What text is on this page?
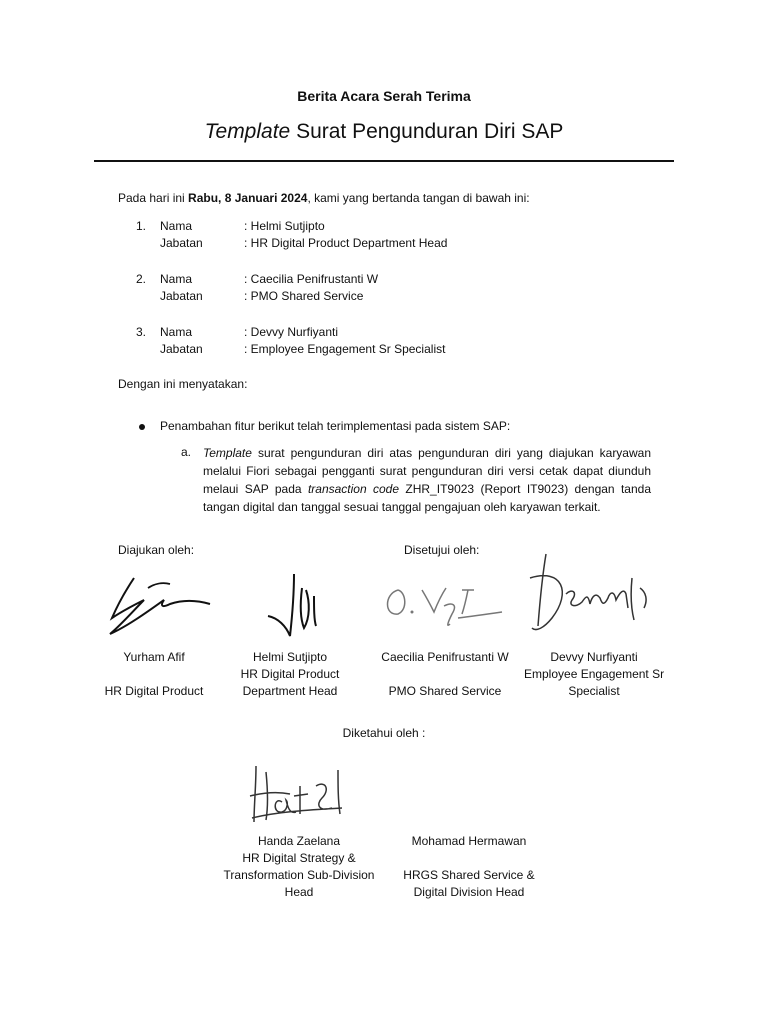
Berita Acara Serah Terima
Template Surat Pengunduran Diri SAP
Pada hari ini Rabu, 8 Januari 2024, kami yang bertanda tangan di bawah ini:
1. Nama	: Helmi Sutjipto
Jabatan	: HR Digital Product Department Head
2. Nama	: Caecilia Penifrustanti W
Jabatan	: PMO Shared Service
3. Nama	: Devvy Nurfiyanti
Jabatan	: Employee Engagement Sr Specialist
Dengan ini menyatakan:
Penambahan fitur berikut telah terimplementasi pada sistem SAP:
a. Template surat pengunduran diri atas pengunduran diri yang diajukan karyawan melalui Fiori sebagai pengganti surat pengunduran diri versi cetak dapat diunduh melaui SAP pada transaction code ZHR_IT9023 (Report IT9023) dengan tanda tangan digital dan tanggal sesuai tanggal pengajuan oleh karyawan terkait.
Diajukan oleh:	Disetujui oleh:
Yurham Afif

HR Digital Product
Helmi Sutjipto
HR Digital Product
Department Head
Caecilia Penifrustanti W

PMO Shared Service
Devvy Nurfiyanti
Employee Engagement Sr
Specialist
Diketahui oleh :
Handa Zaelana
HR Digital Strategy &
Transformation Sub-Division
Head
Mohamad Hermawan

HRGS Shared Service &
Digital Division Head
